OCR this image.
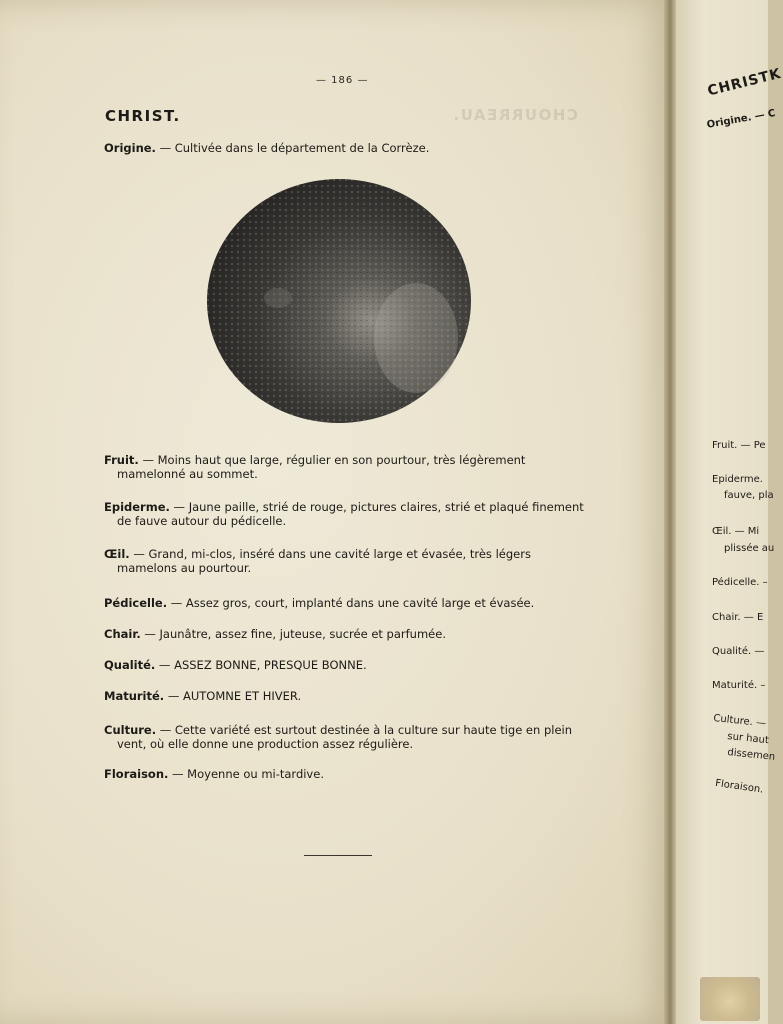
— 186 —
CHOURREAU.
CHRIST.
Origine. — Cultivée dans le département de la Corrèze.

Fruit. — Moins haut que large, régulier en son pourtour, très légèrement mamelonné au sommet.

Epiderme. — Jaune paille, strié de rouge, pictures claires, strié et plaqué finement de fauve autour du pédicelle.

Œil. — Grand, mi-clos, inséré dans une cavité large et évasée, très légers mamelons au pourtour.

Pédicelle. — Assez gros, court, implanté dans une cavité large et évasée.

Chair. — Jaunâtre, assez fine, juteuse, sucrée et parfumée.

Qualité. — ASSEZ BONNE, PRESQUE BONNE.

Maturité. — AUTOMNE ET HIVER.

Culture. — Cette variété est surtout destinée à la culture sur haute tige en plein vent, où elle donne une production assez régulière.

Floraison. — Moyenne ou mi-tardive.

CHRISTK
Origine. — C
Fruit. — Pe
Epiderme.
fauve, pla
Œil. — Mi
plissée au
Pédicelle. –
Chair. — E
Qualité. —
Maturité. –
Culture. —
sur haut
dissemen
Floraison.
